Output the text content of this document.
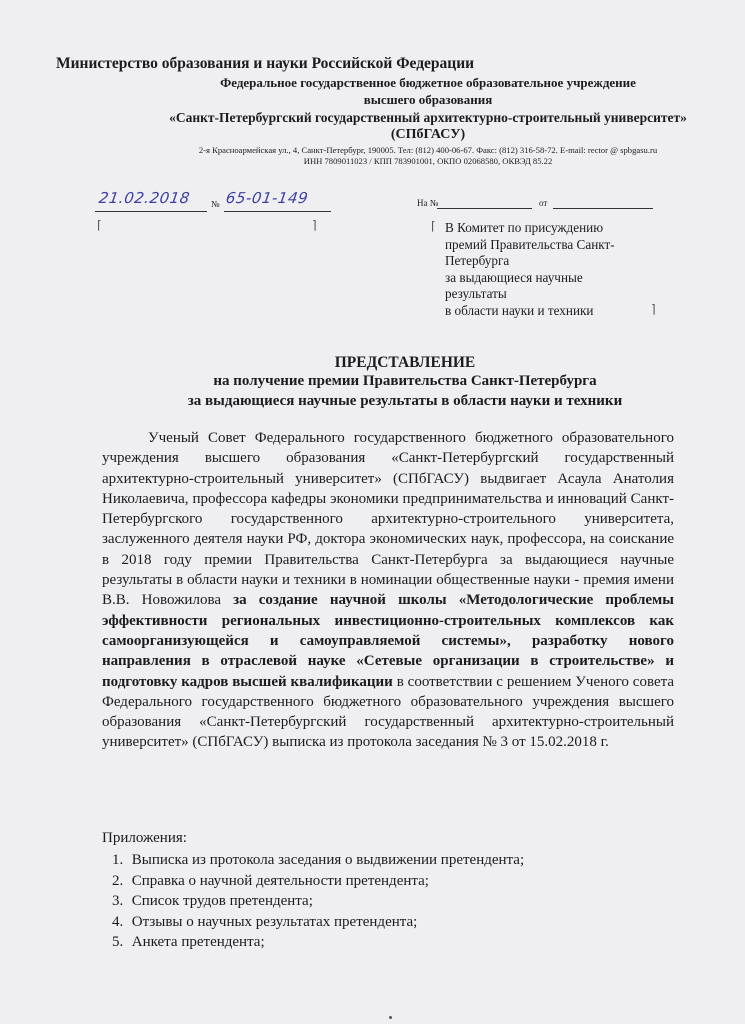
Министерство образования и науки Российской Федерации
Федеральное государственное бюджетное образовательное учреждение
высшего образования
«Санкт-Петербургский государственный архитектурно-строительный университет»
(СПбГАСУ)
2-я Красноармейская ул., 4, Санкт-Петербург, 190005. Тел: (812) 400-06-67. Факс: (812) 316-58-72. E-mail: rector @ spbgasu.ru
ИНН 7809011023 / КПП 783901001, ОКПО 02068580, ОКВЭД 85.22
21.02.2018 № 65-01-149	На №	от
⌈	⌉	⌈
⌉
В Комитет по присуждению
премий Правительства Санкт-
Петербурга
за выдающиеся научные
результаты
в области науки и техники
ПРЕДСТАВЛЕНИЕ
на получение премии Правительства Санкт-Петербурга
за выдающиеся научные результаты в области науки и техники
Ученый Совет Федерального государственного бюджетного образовательного учреждения высшего образования «Санкт-Петербургский государственный архитектурно-строительный университет» (СПбГАСУ) выдвигает Асаула Анатолия Николаевича, профессора кафедры экономики предпринимательства и инноваций Санкт-Петербургского государственного архитектурно-строительного университета, заслуженного деятеля науки РФ, доктора экономических наук, профессора, на соискание в 2018 году премии Правительства Санкт-Петербурга за выдающиеся научные результаты в области науки и техники в номинации общественные науки - премия имени В.В. Новожилова за создание научной школы «Методологические проблемы эффективности региональных инвестиционно-строительных комплексов как самоорганизующейся и самоуправляемой системы», разработку нового направления в отраслевой науке «Сетевые организации в строительстве» и подготовку кадров высшей квалификации в соответствии с решением Ученого совета Федерального государственного бюджетного образовательного учреждения высшего образования «Санкт-Петербургский государственный архитектурно-строительный университет» (СПбГАСУ) выписка из протокола заседания № 3 от 15.02.2018 г.
Приложения:
1. Выписка из протокола заседания о выдвижении претендента;
2. Справка о научной деятельности претендента;
3. Список трудов претендента;
4. Отзывы о научных результатах претендента;
5. Анкета претендента;
